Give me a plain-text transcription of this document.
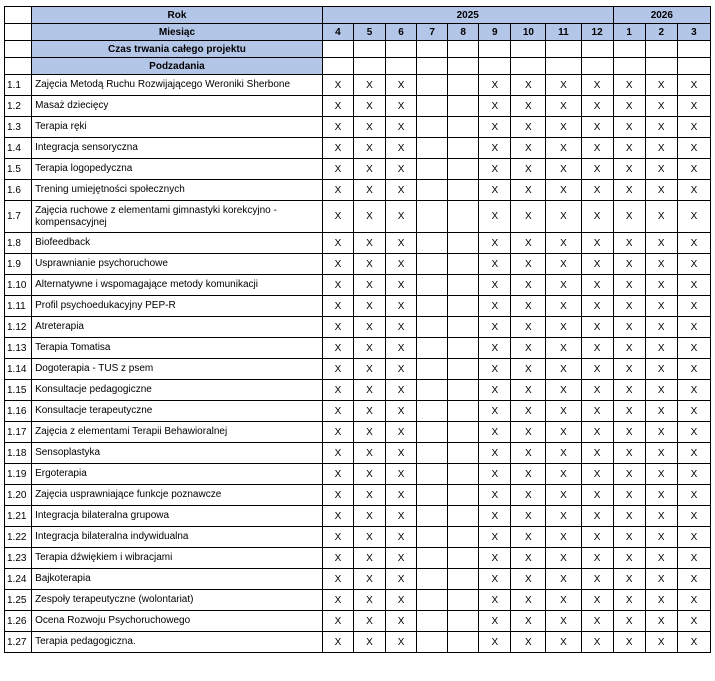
	Rok	2025									2026		
	Miesiąc	4	5	6	7	8	9	10	11	12	1	2	3
	Czas trwania całego projektu												
	Podzadania												
1.1	Zajęcia Metodą Ruchu Rozwijającego Weroniki Sherbone	X	X	X			X	X	X	X	X	X	X
1.2	Masaż dziecięcy	X	X	X			X	X	X	X	X	X	X
1.3	Terapia ręki	X	X	X			X	X	X	X	X	X	X
1.4	Integracja sensoryczna	X	X	X			X	X	X	X	X	X	X
1.5	Terapia logopedyczna	X	X	X			X	X	X	X	X	X	X
1.6	Trening umiejętności społecznych	X	X	X			X	X	X	X	X	X	X
1.7	Zajęcia ruchowe z elementami gimnastyki korekcyjno - kompensacyjnej	X	X	X			X	X	X	X	X	X	X
1.8	Biofeedback	X	X	X			X	X	X	X	X	X	X
1.9	Usprawnianie psychoruchowe	X	X	X			X	X	X	X	X	X	X
1.10	Alternatywne i wspomagające metody komunikacji	X	X	X			X	X	X	X	X	X	X
1.11	Profil psychoedukacyjny PEP-R	X	X	X			X	X	X	X	X	X	X
1.12	Atreterapia	X	X	X			X	X	X	X	X	X	X
1.13	Terapia Tomatisa	X	X	X			X	X	X	X	X	X	X
1.14	Dogoterapia - TUS z psem	X	X	X			X	X	X	X	X	X	X
1.15	Konsultacje pedagogiczne	X	X	X			X	X	X	X	X	X	X
1.16	Konsultacje terapeutyczne	X	X	X			X	X	X	X	X	X	X
1.17	Zajęcia z elementami Terapii Behawioralnej	X	X	X			X	X	X	X	X	X	X
1.18	Sensoplastyka	X	X	X			X	X	X	X	X	X	X
1.19	Ergoterapia	X	X	X			X	X	X	X	X	X	X
1.20	Zajęcia usprawniające funkcje poznawcze	X	X	X			X	X	X	X	X	X	X
1.21	Integracja bilateralna grupowa	X	X	X			X	X	X	X	X	X	X
1.22	Integracja bilateralna indywidualna	X	X	X			X	X	X	X	X	X	X
1.23	Terapia dźwiękiem i wibracjami	X	X	X			X	X	X	X	X	X	X
1.24	Bajkoterapia	X	X	X			X	X	X	X	X	X	X
1.25	Zespoły terapeutyczne (wolontariat)	X	X	X			X	X	X	X	X	X	X
1.26	Ocena Rozwoju Psychoruchowego	X	X	X			X	X	X	X	X	X	X
1.27	Terapia pedagogiczna.	X	X	X			X	X	X	X	X	X	X
